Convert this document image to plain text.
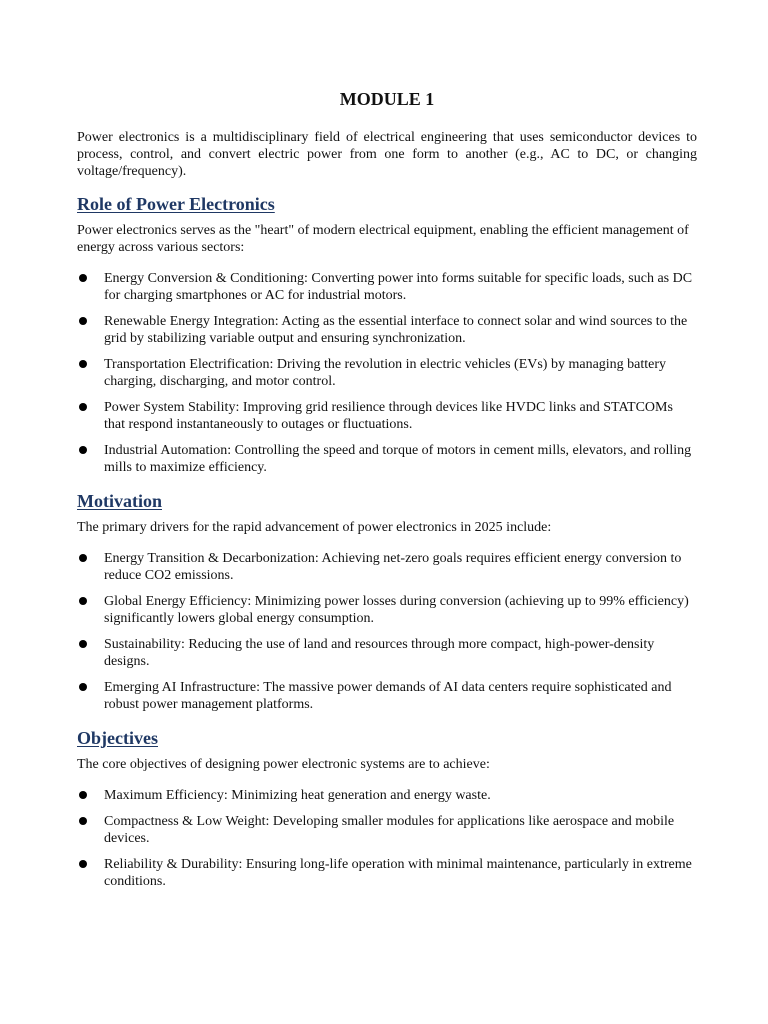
MODULE 1

Power electronics is a multidisciplinary field of electrical engineering that uses semiconductor devices to process, control, and convert electric power from one form to another (e.g., AC to DC, or changing voltage/frequency).

Role of Power Electronics

Power electronics serves as the "heart" of modern electrical equipment, enabling the efficient management of energy across various sectors:

Energy Conversion & Conditioning: Converting power into forms suitable for specific loads, such as DC for charging smartphones or AC for industrial motors.
Renewable Energy Integration: Acting as the essential interface to connect solar and wind sources to the grid by stabilizing variable output and ensuring synchronization.
Transportation Electrification: Driving the revolution in electric vehicles (EVs) by managing battery charging, discharging, and motor control.
Power System Stability: Improving grid resilience through devices like HVDC links and STATCOMs that respond instantaneously to outages or fluctuations.
Industrial Automation: Controlling the speed and torque of motors in cement mills, elevators, and rolling mills to maximize efficiency.
Motivation

The primary drivers for the rapid advancement of power electronics in 2025 include:

Energy Transition & Decarbonization: Achieving net-zero goals requires efficient energy conversion to reduce CO2 emissions.
Global Energy Efficiency: Minimizing power losses during conversion (achieving up to 99% efficiency) significantly lowers global energy consumption.
Sustainability: Reducing the use of land and resources through more compact, high-power-density designs.
Emerging AI Infrastructure: The massive power demands of AI data centers require sophisticated and robust power management platforms.
Objectives

The core objectives of designing power electronic systems are to achieve:

Maximum Efficiency: Minimizing heat generation and energy waste.
Compactness & Low Weight: Developing smaller modules for applications like aerospace and mobile devices.
Reliability & Durability: Ensuring long-life operation with minimal maintenance, particularly in extreme conditions.
